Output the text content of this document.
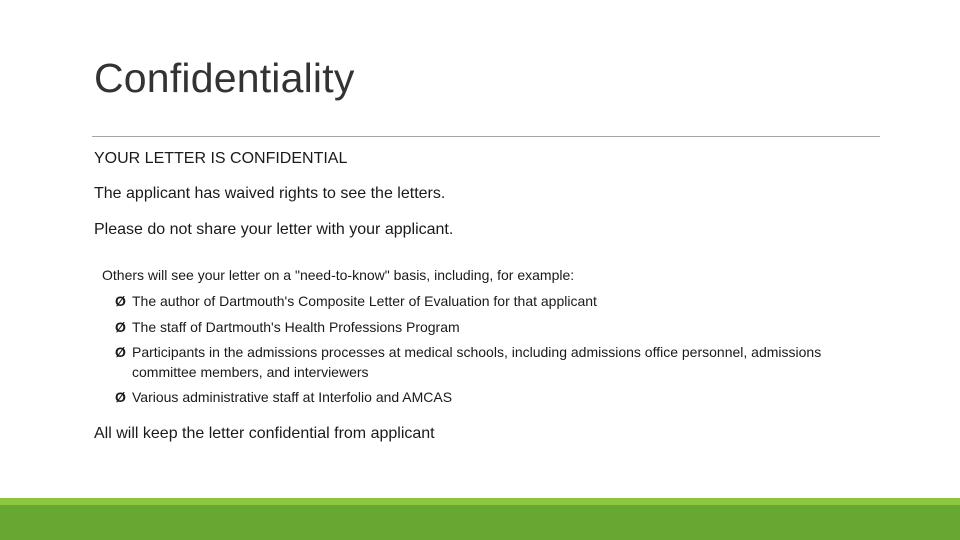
Confidentiality
YOUR LETTER IS CONFIDENTIAL
The applicant has waived rights to see the letters.
Please do not share your letter with your applicant.
Others will see your letter on a "need-to-know" basis, including, for example:
Ø The author of Dartmouth's Composite Letter of Evaluation for that applicant
Ø The staff of Dartmouth's Health Professions Program
Ø Participants in the admissions processes at medical schools, including admissions office personnel, admissions committee members, and interviewers
Ø Various administrative staff at Interfolio and AMCAS
All will keep the letter confidential from applicant
